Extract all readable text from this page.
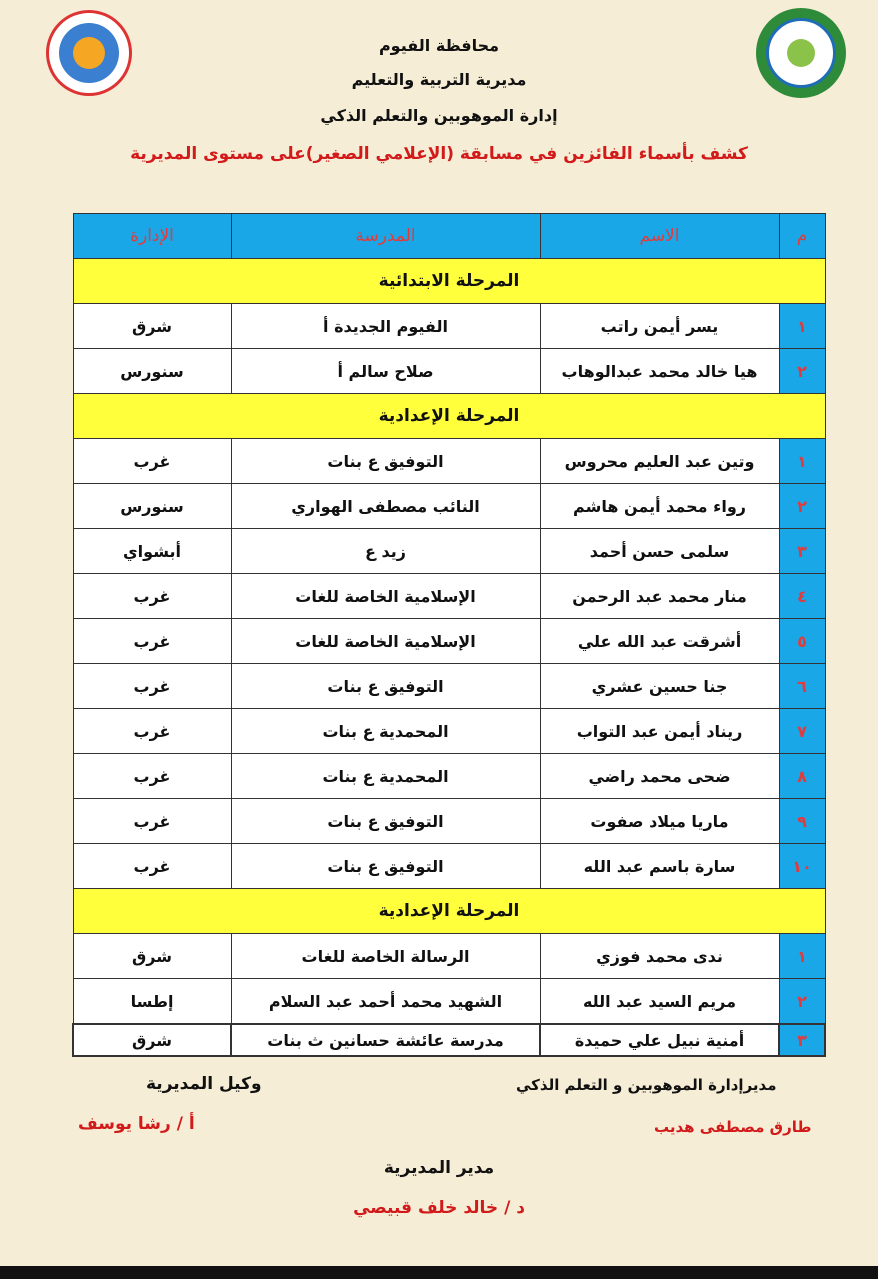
محافظة الفيوم
مديرية التربية والتعليم
إدارة الموهوبين والتعلم الذكي
كشف بأسماء الفائزين في مسابقة (الإعلامي الصغير)على مستوى المديرية
م	الاسم	المدرسة	الإدارة
المرحلة الابتدائية			
١	يسر أيمن راتب	الفيوم الجديدة أ	شرق
٢	هيا خالد محمد عبدالوهاب	صلاح سالم أ	سنورس
المرحلة الإعدادية			
١	وتين عبد العليم محروس	التوفيق ع بنات	غرب
٢	رواء محمد أيمن هاشم	النائب مصطفى الهواري	سنورس
٣	سلمى حسن أحمد	زيد ع	أبشواي
٤	منار محمد عبد الرحمن	الإسلامية الخاصة للغات	غرب
٥	أشرقت عبد الله علي	الإسلامية الخاصة للغات	غرب
٦	جنا حسين عشري	التوفيق ع بنات	غرب
٧	ريناد أيمن عبد التواب	المحمدية ع بنات	غرب
٨	ضحى محمد راضي	المحمدية ع بنات	غرب
٩	ماريا ميلاد صفوت	التوفيق ع بنات	غرب
١٠	سارة باسم عبد الله	التوفيق ع بنات	غرب
المرحلة الإعدادية			
١	ندى محمد فوزي	الرسالة الخاصة للغات	شرق
٢	مريم السيد عبد الله	الشهيد محمد أحمد عبد السلام	إطسا
٣	أمنية نبيل علي حميدة	مدرسة عائشة حسانين ث بنات	شرق
مديرإدارة الموهوبين و التعلم الذكي
طارق مصطفى هديب
وكيل المديرية
أ / رشا يوسف
مدير المديرية
د / خالد خلف قبيصي
